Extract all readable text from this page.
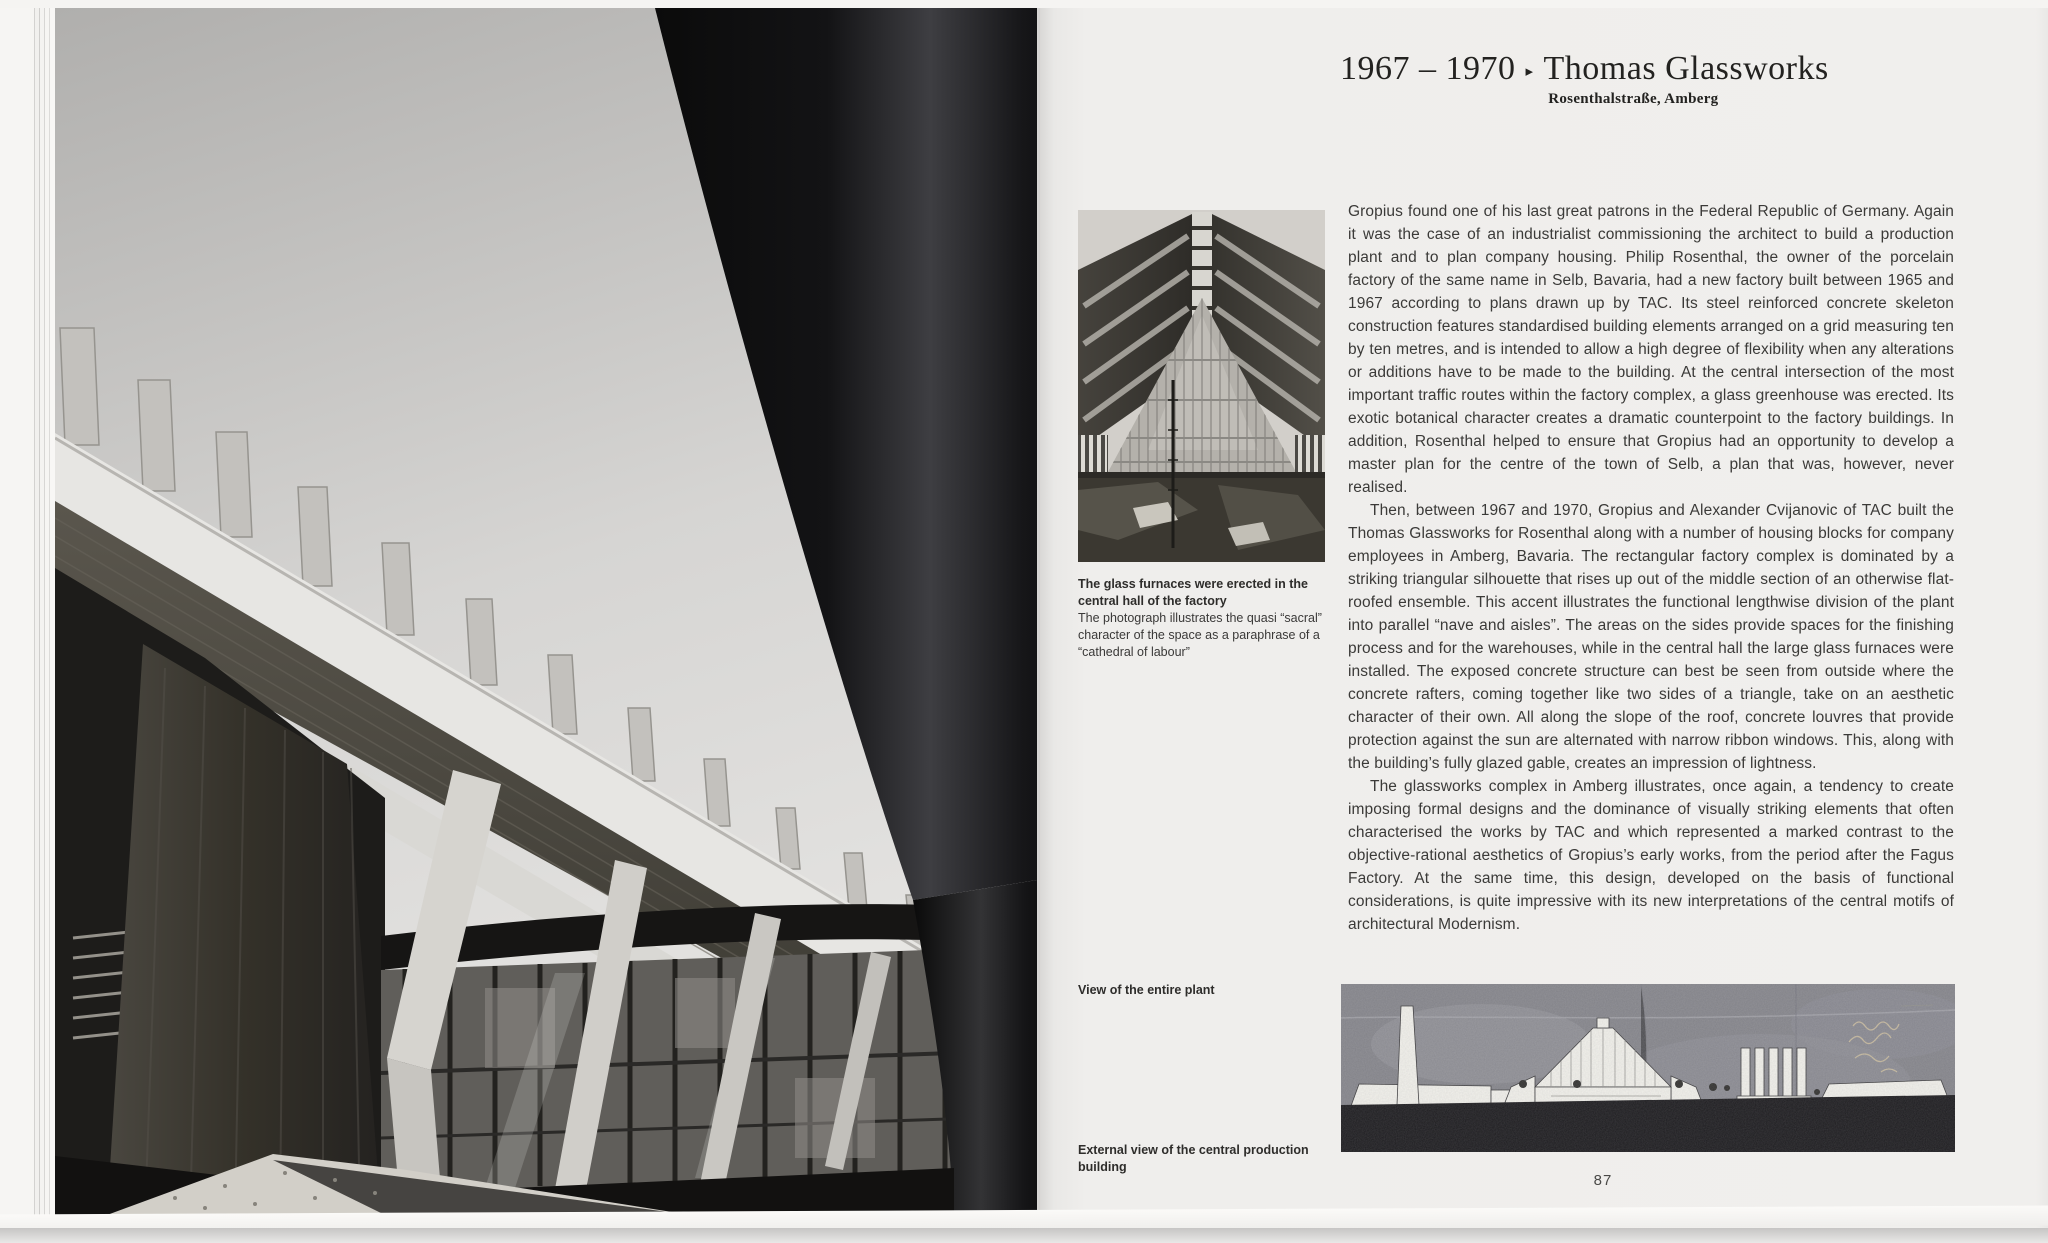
1967 – 1970 ▸ Thomas Glassworks
Rosenthalstraße, Amberg
The glass furnaces were erected in the central hall of the factory
The photograph illustrates the quasi “sacral” character of the space as a paraphrase of a “cathedral of labour”

Gropius found one of his last great patrons in the Federal Republic of Germany. Again it was the case of an industrialist commissioning the architect to build a production plant and to plan company housing. Philip Rosenthal, the owner of the porcelain factory of the same name in Selb, Bavaria, had a new factory built between 1965 and 1967 according to plans drawn up by TAC. Its steel reinforced concrete skeleton construction features standardised building elements arranged on a grid measuring ten by ten metres, and is intended to allow a high degree of flexibility when any alterations or additions have to be made to the building. At the central intersection of the most important traffic routes within the factory complex, a glass greenhouse was erected. Its exotic botanical character creates a dramatic counterpoint to the factory buildings. In addition, Rosenthal helped to ensure that Gropius had an opportunity to develop a master plan for the centre of the town of Selb, a plan that was, however, never realised.

Then, between 1967 and 1970, Gropius and Alexander Cvijanovic of TAC built the Thomas Glassworks for Rosenthal along with a number of housing blocks for company employees in Amberg, Bavaria. The rectangular factory complex is dominated by a striking triangular silhouette that rises up out of the middle section of an otherwise flat-roofed ensemble. This accent illustrates the functional lengthwise division of the plant into parallel “nave and aisles”. The areas on the sides provide spaces for the finishing process and for the warehouses, while in the central hall the large glass furnaces were installed. The exposed concrete structure can best be seen from outside where the concrete rafters, coming together like two sides of a triangle, take on an aesthetic character of their own. All along the slope of the roof, concrete louvres that provide protection against the sun are alternated with narrow ribbon windows. This, along with the building’s fully glazed gable, creates an impression of lightness.

The glassworks complex in Amberg illustrates, once again, a tendency to create imposing formal designs and the dominance of visually striking elements that often characterised the works by TAC and which represented a marked contrast to the objective-rational aesthetics of Gropius’s early works, from the period after the Fagus Factory. At the same time, this design, developed on the basis of functional considerations, is quite impressive with its new interpretations of the central motifs of architectural Modernism.

View of the entire plant
External view of the central production building
87
